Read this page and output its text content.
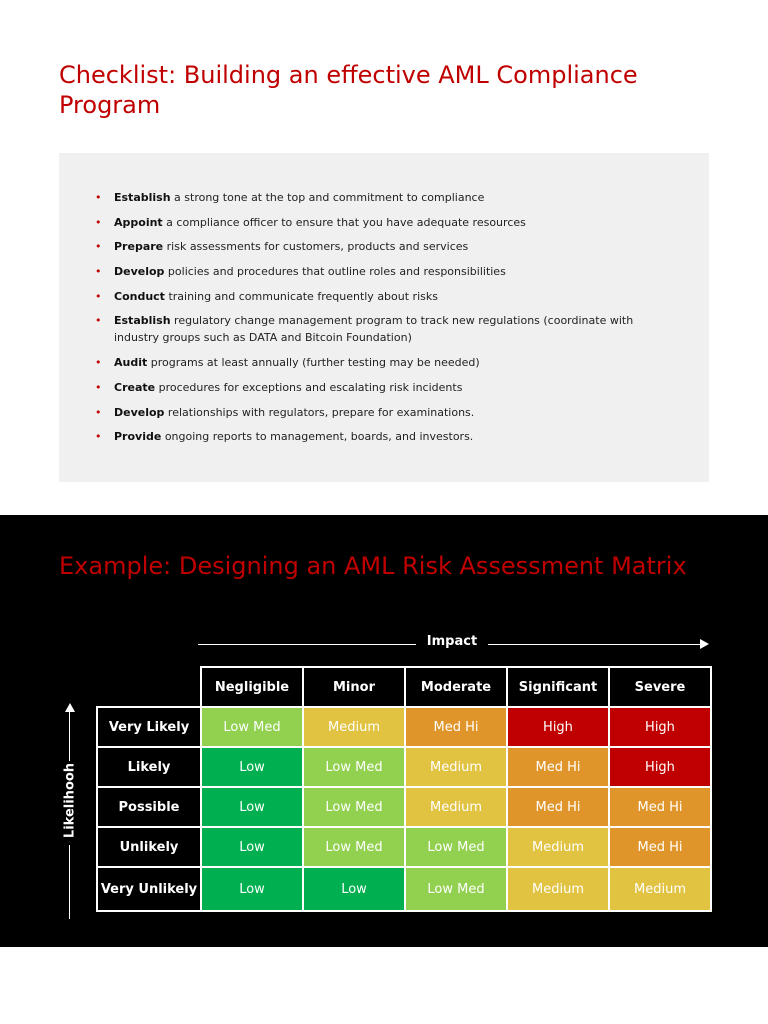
Checklist: Building an effective AML Compliance Program
• Establish a strong tone at the top and commitment to compliance
• Appoint a compliance officer to ensure that you have adequate resources
• Prepare risk assessments for customers, products and services
• Develop policies and procedures that outline roles and responsibilities
• Conduct training and communicate frequently about risks
• Establish regulatory change management program to track new regulations (coordinate with industry groups such as DATA and Bitcoin Foundation)
• Audit programs at least annually (further testing may be needed)
• Create procedures for exceptions and escalating risk incidents
• Develop relationships with regulators, prepare for examinations.
• Provide ongoing reports to management, boards, and investors.
Example: Designing an AML Risk Assessment Matrix
Impact
Likelihooh
	Negligible	Minor	Moderate	Significant	Severe
Very Likely	Low Med	Medium	Med Hi	High	High
Likely	Low	Low Med	Medium	Med Hi	High
Possible	Low	Low Med	Medium	Med Hi	Med Hi
Unlikely	Low	Low Med	Low Med	Medium	Med Hi
Very Unlikely	Low	Low	Low Med	Medium	Medium
